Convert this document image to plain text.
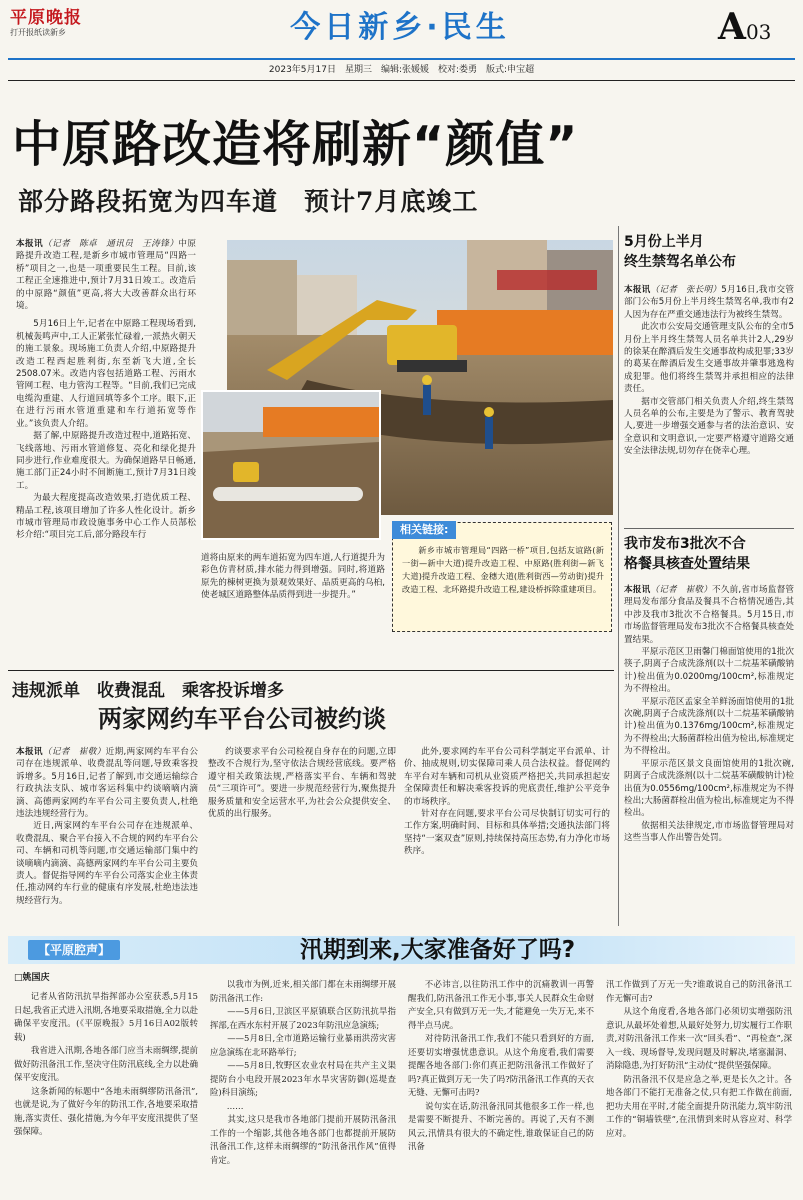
平原晚报
打开报纸读新乡	今日新乡·民生	A03
2023年5月17日　星期三　编辑:张媛媛　校对:娄勇　版式:申宝超
中原路改造将刷新“颜值”
部分路段拓宽为四车道　预计7月底竣工

本报讯（记者　陈卓　通讯员　王涛锋）中原路提升改造工程,是新乡市城市管理局“四路一桥”项目之一,也是一项重要民生工程。目前,该工程正全速推进中,预计7月31日竣工。改造后的中原路“颜值”更高,将大大改善群众出行环境。

5月16日上午,记者在中原路工程现场看到,机械轰鸣声中,工人正紧张忙碌着,一派热火朝天的施工景象。现场施工负责人介绍,中原路提升改造工程西起胜利街,东至新飞大道,全长2508.07米。改造内容包括道路工程、污雨水管网工程、电力管沟工程等。“目前,我们已完成电缆沟重建、人行道回填等多个工序。眼下,正在进行污雨水管道重建和车行道拓宽等作业。”该负责人介绍。

据了解,中原路提升改造过程中,道路拓宽、飞线落地、污雨水管道修复、亮化和绿化提升同步进行,作业难度很大。为确保道路早日畅通,施工部门正24小时不间断施工,预计7月31日竣工。

为最大程度提高改造效果,打造优质工程、精品工程,该项目增加了许多人性化设计。新乡市城市管理局市政设施事务中心工作人员郜松杉介绍:“项目完工后,部分路段车行

道将由原来的两车道拓宽为四车道,人行道提升为彩色仿青材质,排水能力得到增强。同时,将道路原先的棟树更换为景观效果好、品质更高的乌桕,使老城区道路整体品质得到进一步提升。”

相关链接:
新乡市城市管理局“四路一桥”项目,包括友谊路(新一街—新中大道)提升改造工程、中原路(胜利街—新飞大道)提升改造工程、金穗大道(胜利街西—劳动街)提升改造工程、北环路提升改造工程,建设桥拆除重建项目。
5月份上半月
终生禁驾名单公布

本报讯（记者　张长明）5月16日,我市交管部门公布5月份上半月终生禁驾名单,我市有2人因为存在严重交通违法行为被终生禁驾。

此次市公安局交通管理支队公布的全市5月份上半月终生禁驾人员名单共计2人,29岁的徐某在醉酒后发生交通事故构成犯罪;33岁的葛某在醉酒后发生交通事故并肇事逃逸构成犯罪。他们将终生禁驾并承担相应的法律责任。

据市交管部门相关负责人介绍,终生禁驾人员名单的公布,主要是为了警示、教育驾驶人,要进一步增强交通参与者的法治意识、安全意识和文明意识,一定要严格遵守道路交通安全法律法规,切勿存在侥幸心理。

我市发布3批次不合
格餐具核查处置结果

本报讯（记者　崔敬）不久前,省市场监督管理局发布部分食品及餐具不合格情况通告,其中涉及我市3批次不合格餐具。5月15日,市市场监督管理局发布3批次不合格餐具核查处置结果。

平原示范区卫雨馨门棉面馆使用的1批次筷子,阴离子合成洗涤剂(以十二烷基苯磺酸钠计)检出值为0.0200mg/100cm²,标准规定为不得检出。

平原示范区孟家全羊鲜汤面馆使用的1批次碗,阴离子合成洗涤剂(以十二烷基苯磺酸钠计)检出值为0.1376mg/100cm²,标准规定为不得检出;大肠菌群检出值为检出,标准规定为不得检出。

平原示范区景文良面馆使用的1批次碗,阴离子合成洗涤剂(以十二烷基苯磺酸钠计)检出值为0.0556mg/100cm²,标准规定为不得检出;大肠菌群检出值为检出,标准规定为不得检出。

依据相关法律规定,市市场监督管理局对这些当事人作出警告处罚。

违规派单　收费混乱　乘客投诉增多
两家网约车平台公司被约谈

本报讯（记者　崔敬）近期,两家网约车平台公司存在违规派单、收费混乱等问题,导致乘客投诉增多。5月16日,记者了解到,市交通运输综合行政执法支队、城市客运科集中约谈嘀嘀内滴滴、高德两家网约车平台公司主要负责人,杜绝违法违规经营行为。

近日,两家网约车平台公司存在违规派单、收费混乱、聚合平台接入不合规的网约车平台公司、车辆和司机等问题,市交通运输部门集中约谈嘀嘀内滴滴、高德两家网约车平台公司主要负责人。督促指导网约车平台公司落实企业主体责任,推动网约车行业的健康有序发展,杜绝违法违规经营行为。

约谈要求平台公司检视自身存在的问题,立即整改不合规行为,坚守依法合规经营底线。要严格遵守相关政策法规,严格落实平台、车辆和驾驶员“三项许可”。要进一步规范经营行为,聚焦提升服务质量和安全运营水平,为社会公众提供安全、优质的出行服务。

此外,要求网约车平台公司科学制定平台派单、计价、抽成规则,切实保障司乘人员合法权益。督促网约车平台对车辆和司机从业资质严格把关,共同承担起安全保障责任和解决乘客投诉的兜底责任,维护公平竞争的市场秩序。

针对存在问题,要求平台公司尽快制订切实可行的工作方案,明确时间、目标和具体举措;交通执法部门将坚持“一案双查”原则,持续保持高压态势,有力净化市场秩序。

【平原腔声】	汛期到来,大家准备好了吗?
□姚国庆

记者从省防汛抗旱指挥部办公室获悉,5月15日起,我省正式进入汛期,各地要采取措施,全力以赴确保平安度汛。(《平原晚报》5月16日A02版转载)
　　我省进入汛期,各地各部门应当未雨绸缪,提前做好防汛备汛工作,坚决守住防汛底线,全力以赴确保平安度汛。
　　这条新闻的标题中“各地未雨绸缪防汛备汛”,也就是说,为了做好今年的防汛工作,各地要采取措施,落实责任、强化措施,为今年平安度汛提供了坚强保障。

以我市为例,近来,相关部门都在未雨绸缪开展防汛备汛工作:
　　——5月6日,卫滨区平原镇联合区防汛抗旱指挥部,在西水东村开展了2023年防汛应急演练;
　　——5月8日,全市道路运输行业暴雨洪涝灾害应急演练在北环路举行;
　　——5月8日,牧野区农业农村局在共产主义渠提防台小电段开展2023年水旱灾害防御(巡堤查险)科目演练;
　　……
　　其实,这只是我市各地部门提前开展防汛备汛工作的一个缩影,其他各地各部门也都提前开展防汛备汛工作,这样未雨绸缪的“防汛备汛作风”值得肯定。

不必讳言,以往防汛工作中的沉痛教训一再警醒我们,防汛备汛工作无小事,事关人民群众生命财产安全,只有做到万无一失,才能避免一失万无,来不得半点马虎。
　　对待防汛备汛工作,我们不能只看到好的方面,还要切实增强忧患意识。从这个角度看,我们需要提醒各地各部门:你们真正把防汛备汛工作做好了吗?真正做到万无一失了吗?防汛备汛工作真的天衣无缝、无懈可击吗?
　　说句实在话,防汛备汛同其他很多工作一样,也是需要不断提升、不断完善的。再说了,天有不测风云,汛情具有很大的不确定性,谁敢保证自己的防汛备

汛工作做到了万无一失?谁敢说自己的防汛备汛工作无懈可击?
　　从这个角度看,各地各部门必须切实增强防汛意识,从最坏处着想,从最好处努力,切实履行工作职责,对防汛备汛工作来一次“回头看”、“再检查”,深入一线、现场督导,发现问题及时解决,堵塞漏洞、消除隐患,为打好防汛“主动仗”提供坚强保障。
　　防汛备汛不仅是应急之举,更是长久之计。各地各部门不能打无准备之仗,只有把工作做在前面,把功夫用在平时,才能全面提升防汛能力,筑牢防汛工作的“铜墙铁壁”,在汛情到来时从容应对、科学应对。
